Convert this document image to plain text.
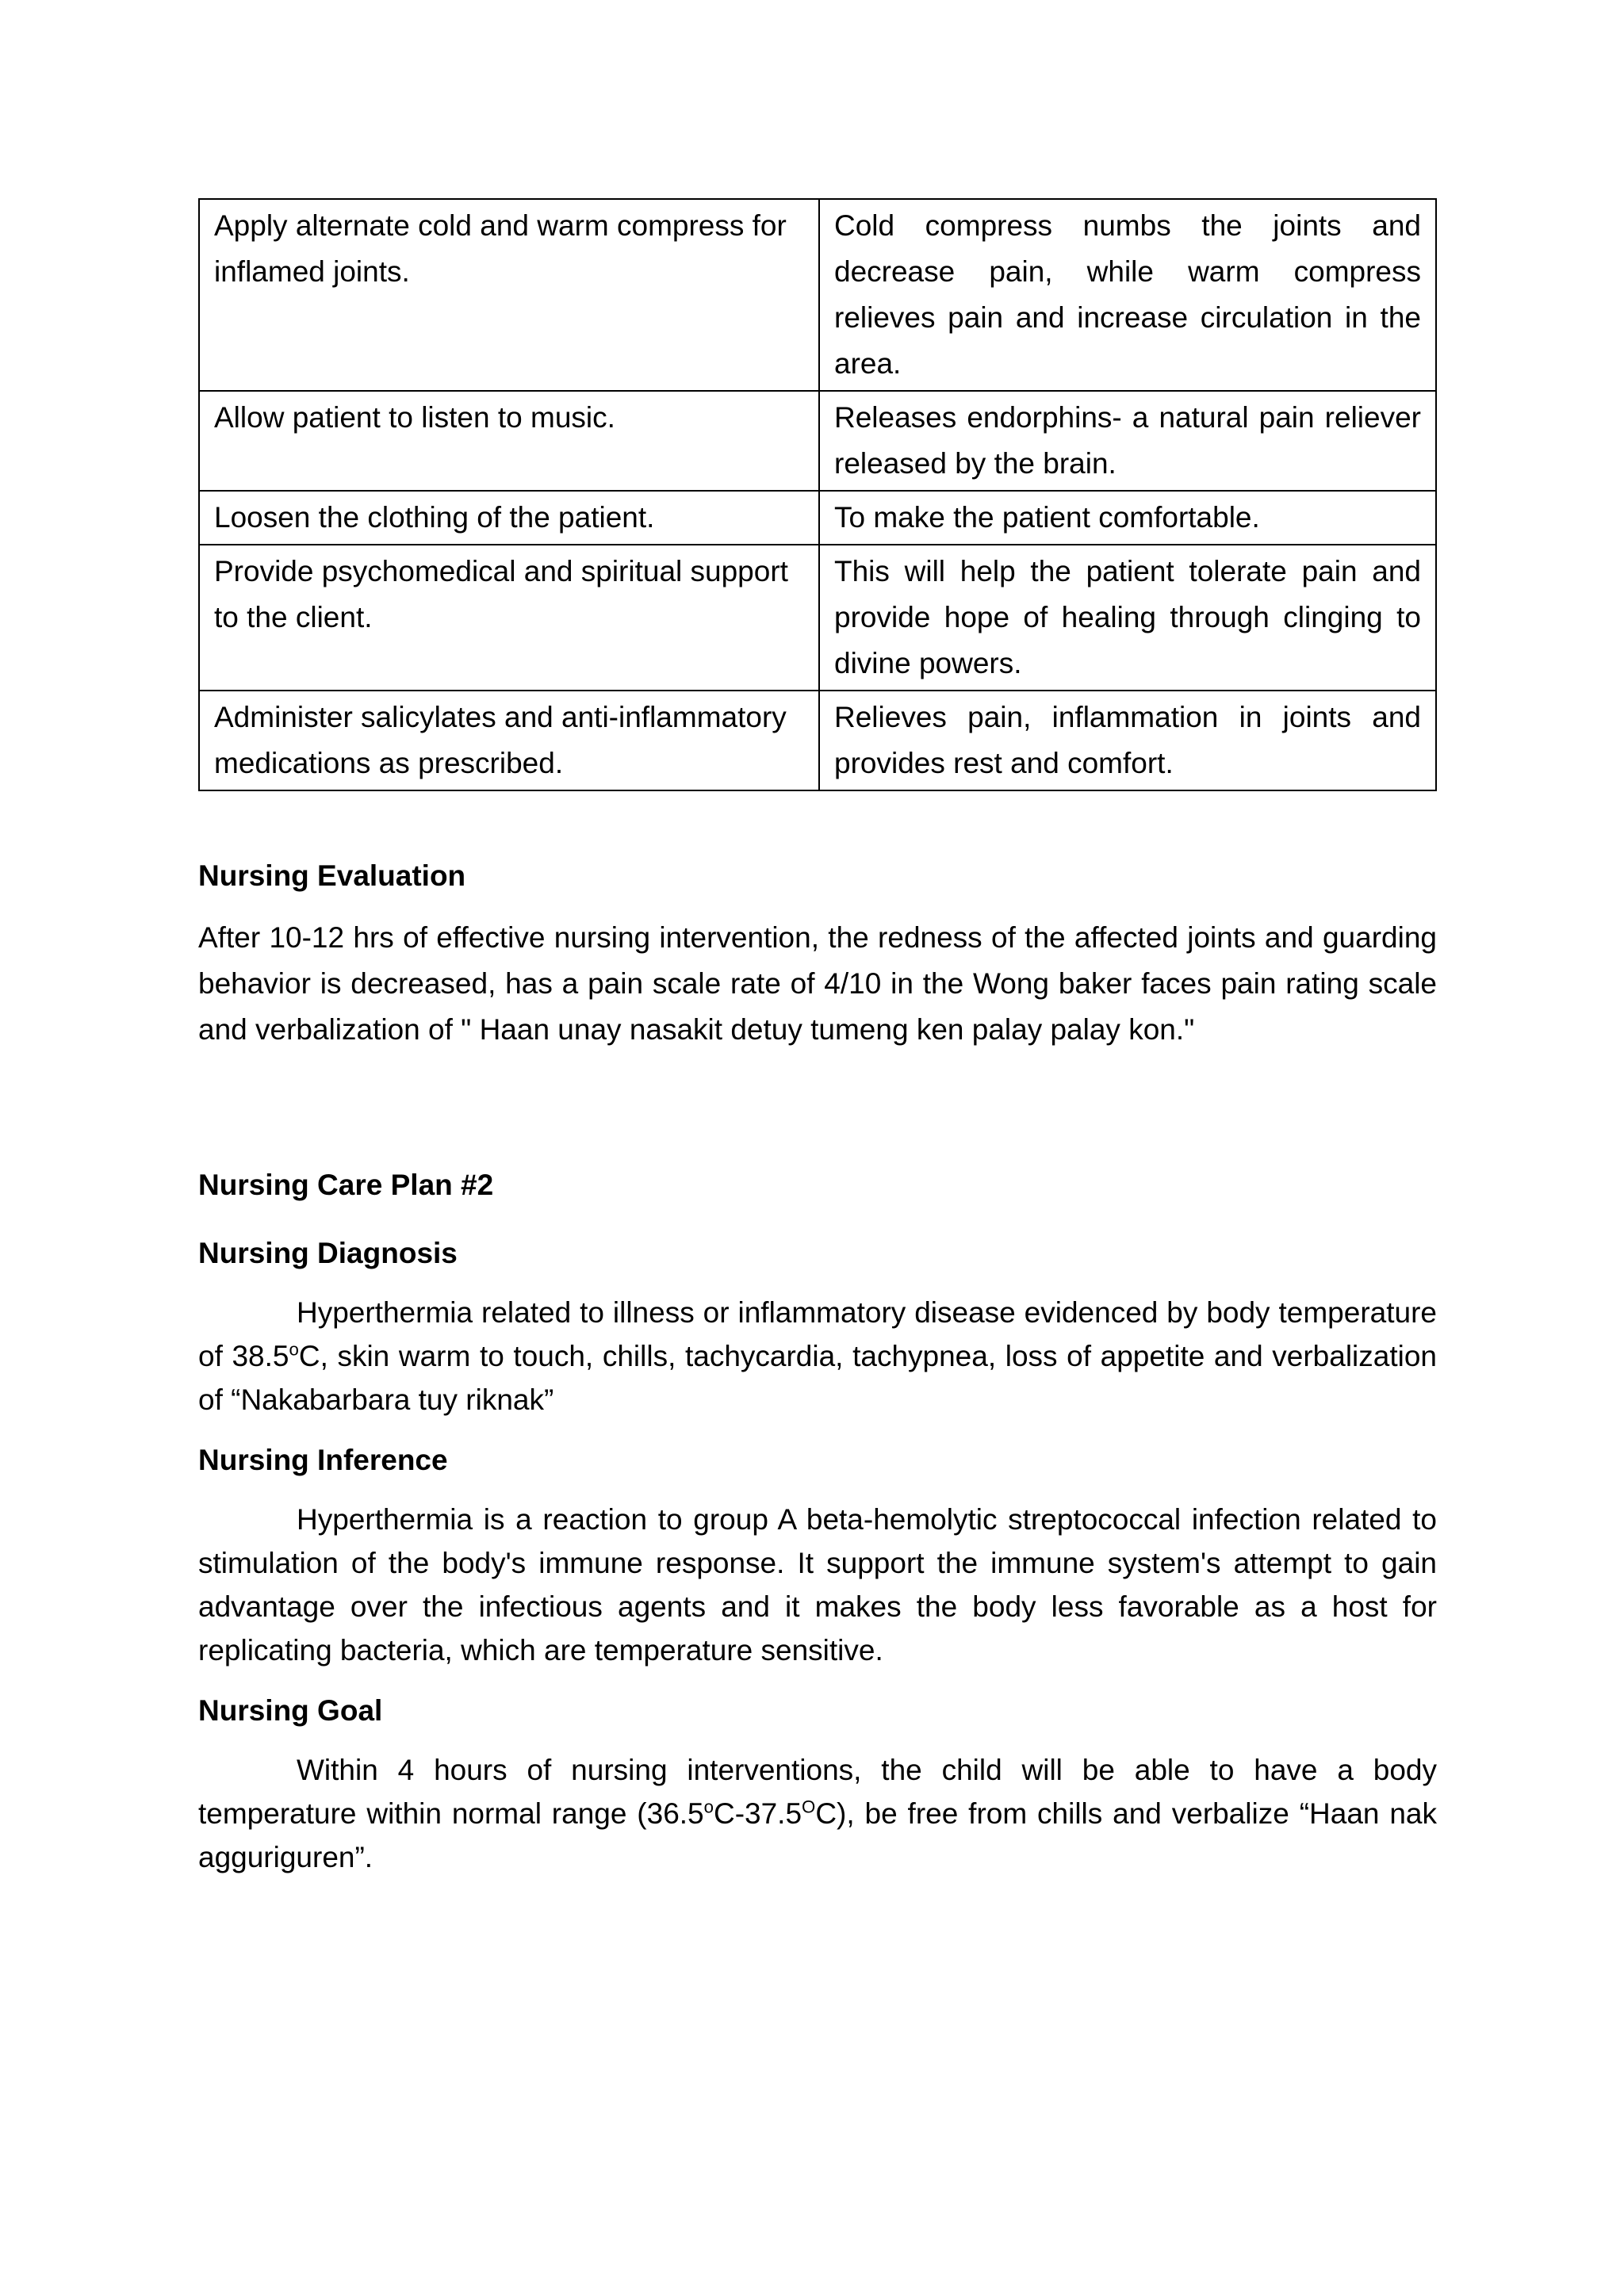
Apply alternate cold and warm compress for inflamed joints.	Cold compress numbs the joints and decrease pain, while warm compress relieves pain and increase circulation in the area.
Allow patient to listen to music.	Releases endorphins- a natural pain reliever released by the brain.
Loosen the clothing of the patient.	To make the patient comfortable.
Provide psychomedical and spiritual support to the client.	This will help the patient tolerate pain and provide hope of healing through clinging to divine powers.
Administer salicylates and anti-inflammatory medications as prescribed.	Relieves pain, inflammation in joints and provides rest and comfort.

Nursing Evaluation

After 10-12 hrs of effective nursing intervention, the redness of the affected joints and guarding behavior is decreased, has a pain scale rate of 4/10 in the Wong baker faces pain rating scale and verbalization of " Haan unay nasakit detuy tumeng ken palay palay kon."

Nursing Care Plan #2

Nursing Diagnosis

Hyperthermia related to illness or inflammatory disease evidenced by body temperature of 38.5$^o$C, skin warm to touch, chills, tachycardia, tachypnea, loss of appetite and verbalization of “Nakabarbara tuy riknak”

Nursing Inference

Hyperthermia is a reaction to group A beta-hemolytic streptococcal infection related to stimulation of the body's immune response. It support the immune system's attempt to gain advantage over the infectious agents and it makes the body less favorable as a host for replicating bacteria, which are temperature sensitive.

Nursing Goal

Within 4 hours of nursing interventions, the child will be able to have a body temperature within normal range $(36.5^oC-37.5^OC)$, be free from chills and verbalize “Haan nak agguriguren”.
